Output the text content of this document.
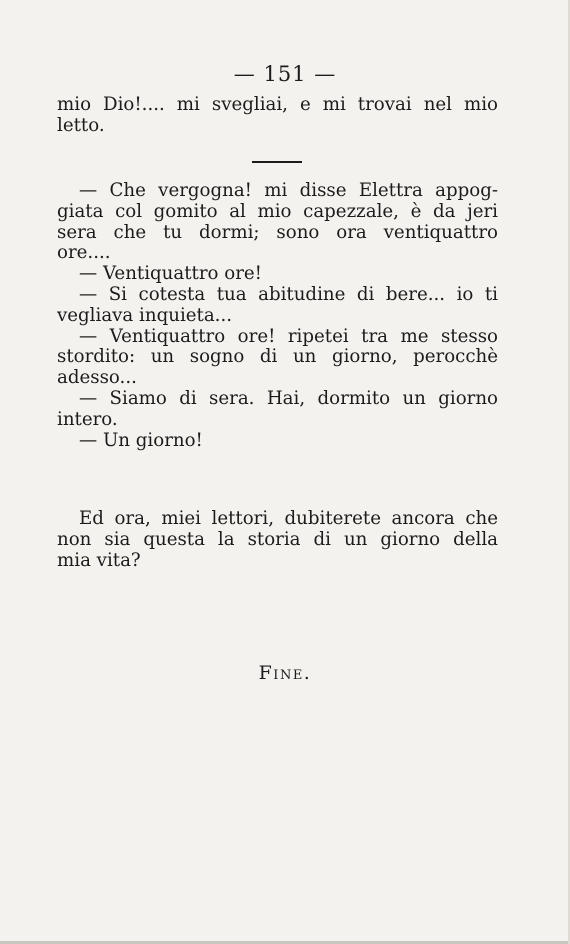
— 151 —
mio Dio!.... mi svegliai, e mi trovai nel mio
letto.
— Che vergogna! mi disse Elettra appog-
giata col gomito al mio capezzale, è da jeri
sera che tu dormi; sono ora ventiquattro
ore....
— Ventiquattro ore!
— Si cotesta tua abitudine di bere... io ti
vegliava inquieta...
— Ventiquattro ore! ripetei tra me stesso
stordito: un sogno di un giorno, perocchè
adesso...
— Siamo di sera. Hai, dormito un giorno
intero.
— Un giorno!
Ed ora, miei lettori, dubiterete ancora che
non sia questa la storia di un giorno della
mia vita?
Fine.
